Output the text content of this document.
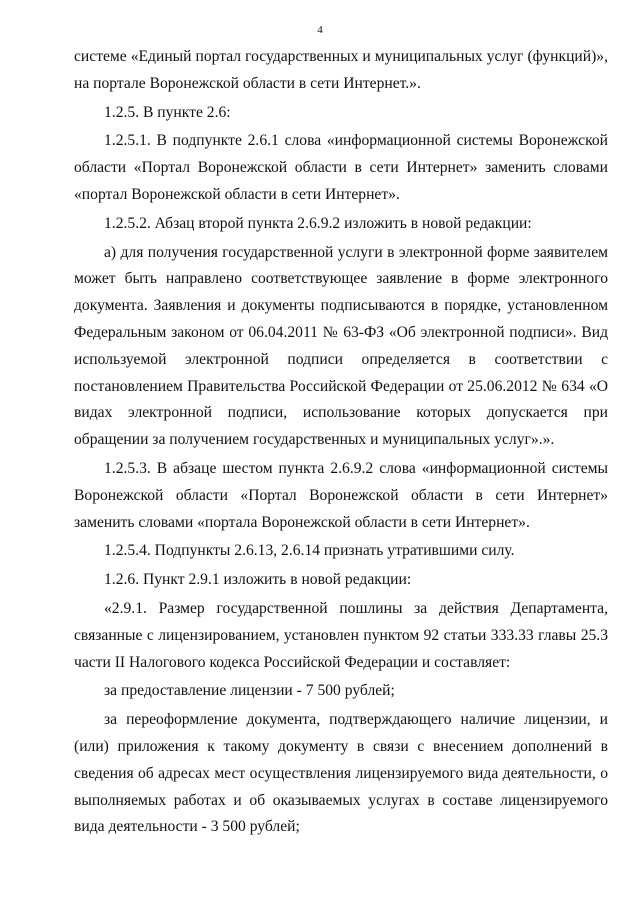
4

системе «Единый портал государственных и муниципальных услуг (функций)», на портале Воронежской области в сети Интернет.».

1.2.5. В пункте 2.6:

1.2.5.1. В подпункте 2.6.1 слова «информационной системы Воронежской области «Портал Воронежской области в сети Интернет» заменить словами «портал Воронежской области в сети Интернет».

1.2.5.2. Абзац второй пункта 2.6.9.2 изложить в новой редакции:

а) для получения государственной услуги в электронной форме заявителем может быть направлено соответствующее заявление в форме электронного документа. Заявления и документы подписываются в порядке, установленном Федеральным законом от 06.04.2011 № 63-ФЗ «Об электронной подписи». Вид используемой электронной подписи определяется в соответствии с постановлением Правительства Российской Федерации от 25.06.2012 № 634 «О видах электронной подписи, использование которых допускается при обращении за получением государственных и муниципальных услуг».».

1.2.5.3. В абзаце шестом пункта 2.6.9.2 слова «информационной системы Воронежской области «Портал Воронежской области в сети Интернет» заменить словами «портала Воронежской области в сети Интернет».

1.2.5.4. Подпункты 2.6.13, 2.6.14 признать утратившими силу.

1.2.6. Пункт 2.9.1 изложить в новой редакции:

«2.9.1. Размер государственной пошлины за действия Департамента, связанные с лицензированием, установлен пунктом 92 статьи 333.33 главы 25.3 части II Налогового кодекса Российской Федерации и составляет:

за предоставление лицензии - 7 500 рублей;

за переоформление документа, подтверждающего наличие лицензии, и (или) приложения к такому документу в связи с внесением дополнений в сведения об адресах мест осуществления лицензируемого вида деятельности, о выполняемых работах и об оказываемых услугах в составе лицензируемого вида деятельности - 3 500 рублей;
